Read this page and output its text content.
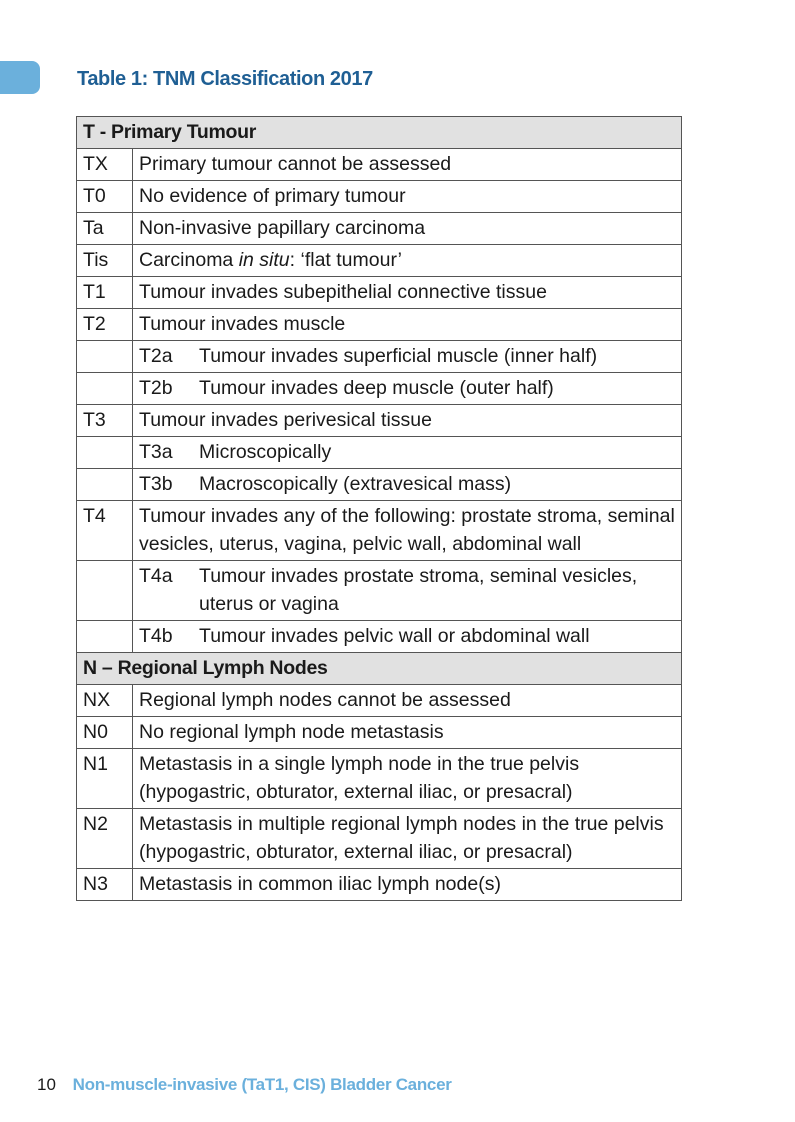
Table 1: TNM Classification 2017
T - Primary Tumour	
TX	Primary tumour cannot be assessed
T0	No evidence of primary tumour
Ta	Non-invasive papillary carcinoma
Tis	Carcinoma in situ: ‘flat tumour’
T1	Tumour invades subepithelial connective tissue
T2	Tumour invades muscle

	T2a Tumour invades superficial muscle (inner half)

	T2b Tumour invades deep muscle (outer half)

T3	Tumour invades perivesical tissue

	T3a Microscopically

	T3b Macroscopically (extravesical mass)

T4	Tumour invades any of the following: prostate stroma, seminal vesicles, uterus, vagina, pelvic wall, abdominal wall

	T4a Tumour invades prostate stroma, seminal vesicles, uterus or vagina

	T4b Tumour invades pelvic wall or abdominal wall

N – Regional Lymph Nodes	
NX	Regional lymph nodes cannot be assessed
N0	No regional lymph node metastasis
N1	Metastasis in a single lymph node in the true pelvis (hypogastric, obturator, external iliac, or presacral)
N2	Metastasis in multiple regional lymph nodes in the true pelvis (hypogastric, obturator, external iliac, or presacral)
N3	Metastasis in common iliac lymph node(s)
10 Non-muscle-invasive (TaT1, CIS) Bladder Cancer
